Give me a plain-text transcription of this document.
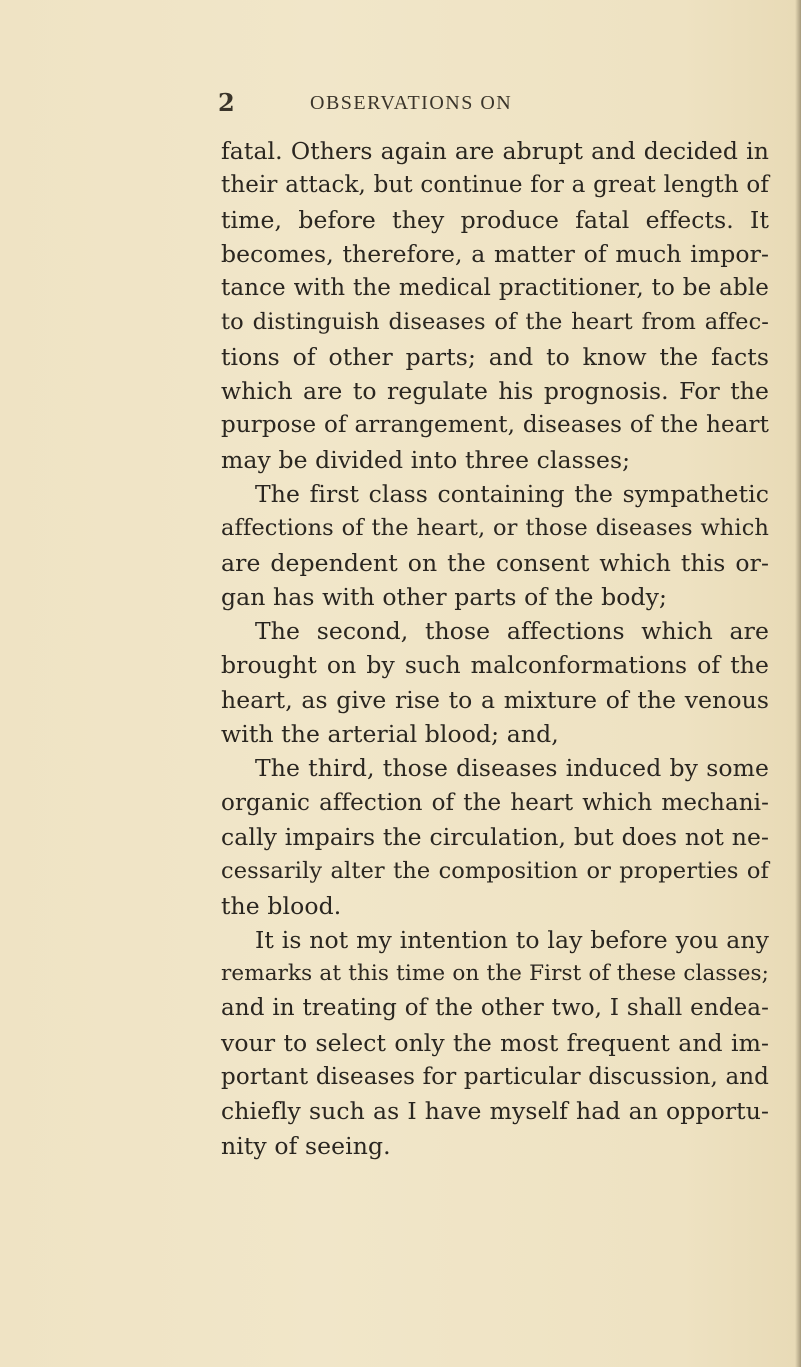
2	OBSERVATIONS ON
fatal. Others again are abrupt and decided in
their attack, but continue for a great length of
time, before they produce fatal effects. It
becomes, therefore, a matter of much impor-
tance with the medical practitioner, to be able
to distinguish diseases of the heart from affec-
tions of other parts; and to know the facts
which are to regulate his prognosis. For the
purpose of arrangement, diseases of the heart
may be divided into three classes;
The first class containing the sympathetic
affections of the heart, or those diseases which
are dependent on the consent which this or-
gan has with other parts of the body;
The second, those affections which are
brought on by such malconformations of the
heart, as give rise to a mixture of the venous
with the arterial blood; and,
The third, those diseases induced by some
organic affection of the heart which mechani-
cally impairs the circulation, but does not ne-
cessarily alter the composition or properties of
the blood.
It is not my intention to lay before you any
remarks at this time on the First of these classes;
and in treating of the other two, I shall endea-
vour to select only the most frequent and im-
portant diseases for particular discussion, and
chiefly such as I have myself had an opportu-
nity of seeing.
